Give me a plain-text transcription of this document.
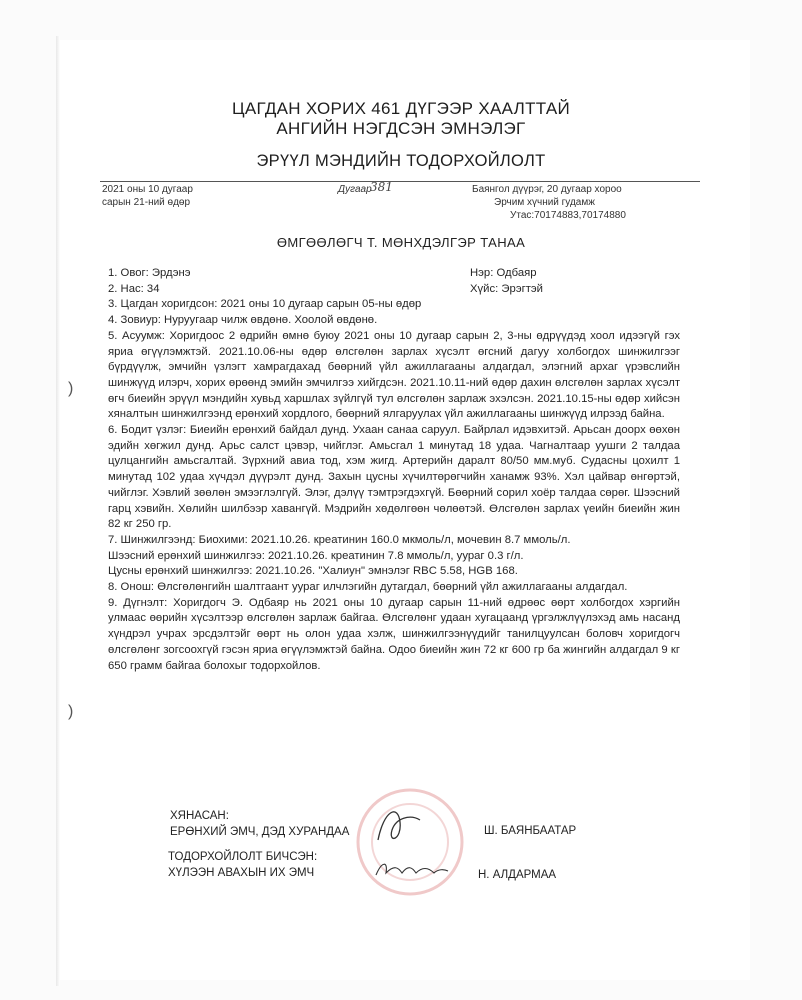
ЦАГДАН ХОРИХ 461 ДҮГЭЭР ХААЛТТАЙ
АНГИЙН НЭГДСЭН ЭМНЭЛЭГ
ЭРҮҮЛ МЭНДИЙН ТОДОРХОЙЛОЛТ
2021 оны 10 дугаар
сарын 21-ний өдөр
Дугаар
381	Баянгол дүүрэг, 20 дугаар хороо
Эрчим хүчний гудамж
Утас:70174883,70174880
ӨМГӨӨЛӨГЧ Т. МӨНХДЭЛГЭР ТАНАА
1. Овог: Эрдэнэ	Нэр: Одбаяр
2. Нас: 34	Хүйс: Эрэгтэй

3. Цагдан хоригдсон: 2021 оны 10 дугаар сарын 05-ны өдөр

4. Зовиур: Нуруугаар чилж өвдөнө. Хоолой өвдөнө.

5. Асуумж: Хоригдоос 2 өдрийн өмнө буюу 2021 оны 10 дугаар сарын 2, 3-ны өдрүүдэд хоол идээгүй гэх яриа өгүүлэмжтэй. 2021.10.06-ны өдөр өлсгөлөн зарлах хүсэлт өгсний дагуу холбогдох шинжилгээг бүрдүүлж, эмчийн үзлэгт хамрагдахад бөөрний үйл ажиллагааны алдагдал, элэгний архаг үрэвслийн шинжүүд илэрч, хорих өрөөнд эмийн эмчилгээ хийгдсэн. 2021.10.11-ний өдөр дахин өлсгөлөн зарлах хүсэлт өгч биеийн эрүүл мэндийн хувьд харшлах зүйлгүй тул өлсгөлөн зарлаж эхэлсэн. 2021.10.15-ны өдөр хийсэн хяналтын шинжилгээнд ерөнхий хордлого, бөөрний ялгаруулах үйл ажиллагааны шинжүүд илрээд байна.

6. Бодит үзлэг: Биеийн ерөнхий байдал дунд. Ухаан санаа саруул. Байрлал идэвхитэй. Арьсан доорх өөхөн эдийн хөгжил дунд. Арьс салст цэвэр, чийглэг. Амьсгал 1 минутад 18 удаа. Чагналтаар уушги 2 талдаа цулцангийн амьсгалтай. Зүрхний авиа тод, хэм жигд. Артерийн даралт 80/50 мм.муб. Судасны цохилт 1 минутад 102 удаа хүчдэл дүүрэлт дунд. Захын цусны хүчилтөрөгчийн ханамж 93%. Хэл цайвар өнгөртэй, чийглэг. Хэвлий зөөлөн эмээглэлгүй. Элэг, дэлүү тэмтрэгдэхгүй. Бөөрний сорил хоёр талдаа сөрөг. Шээсний гарц хэвийн. Хөлийн шилбээр хавангүй. Мэдрийн хөдөлгөөн чөлөөтэй. Өлсгөлөн зарлах үеийн биеийн жин 82 кг 250 гр.

7. Шинжилгээнд: Биохими: 2021.10.26. креатинин 160.0 мкмоль/л, мочевин 8.7 ммоль/л.

Шээсний ерөнхий шинжилгээ: 2021.10.26. креатинин 7.8 ммоль/л, уураг 0.3 г/л.

Цусны ерөнхий шинжилгээ: 2021.10.26. "Халиун" эмнэлэг RBC 5.58, HGB 168.

8. Онош: Өлсгөлөнгийн шалтгаант уураг илчлэгийн дутагдал, бөөрний үйл ажиллагааны алдагдал.

9. Дүгнэлт: Хоригдогч Э. Одбаяр нь 2021 оны 10 дугаар сарын 11-ний өдрөөс өөрт холбогдох хэргийн улмаас өөрийн хүсэлтээр өлсгөлөн зарлаж байгаа. Өлсгөлөнг удаан хугацаанд үргэлжлүүлэхэд амь насанд хүндрэл учрах эрсдэлтэйг өөрт нь олон удаа хэлж, шинжилгээнүүдийг танилцуулсан боловч хоригдогч өлсгөлөнг зогсоохгүй гэсэн яриа өгүүлэмжтэй байна. Одоо биеийн жин 72 кг 600 гр ба жингийн алдагдал 9 кг 650 грамм байгаа болохыг тодорхойлов.

)
)
ХЯНАСАН:
ЕРӨНХИЙ ЭМЧ, ДЭД ХУРАНДАА	Ш. БАЯНБААТАР
ТОДОРХОЙЛОЛТ БИЧСЭН:
ХҮЛЭЭН АВАХЫН ИХ ЭМЧ	Н. АЛДАРМАА
